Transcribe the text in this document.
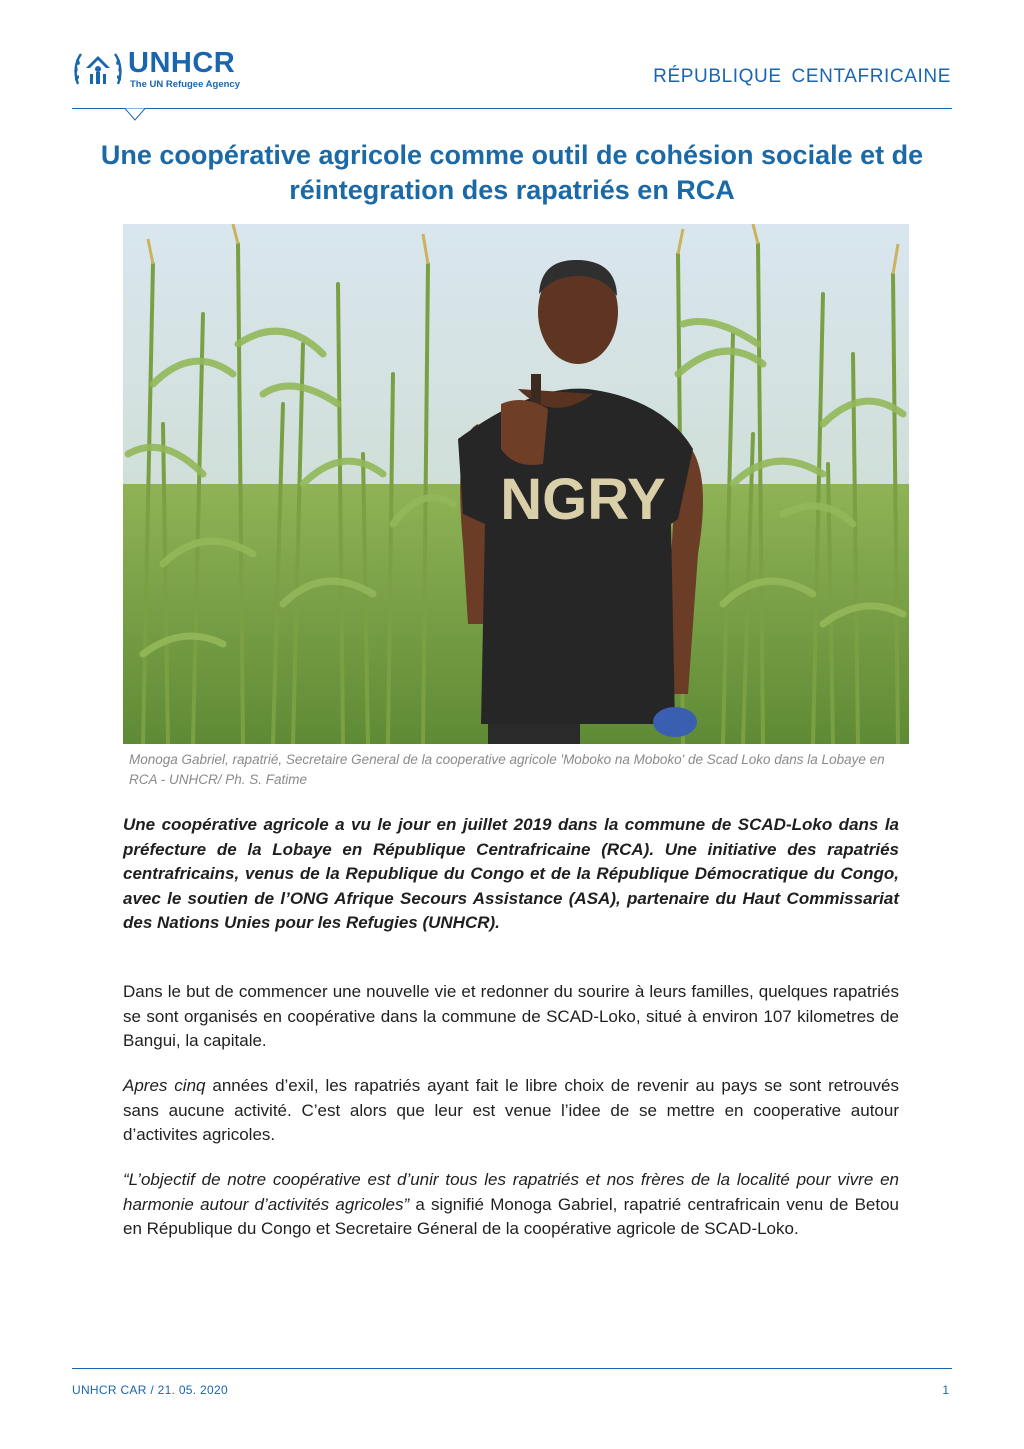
UNHCR
The UN Refugee Agency	RÉPUBLIQUE CENTAFRICAINE
Une coopérative agricole comme outil de cohésion sociale et de réintegration des rapatriés en RCA
NGRY
Monoga Gabriel, rapatrié, Secretaire General de la cooperative agricole 'Moboko na Moboko' de Scad Loko dans la Lobaye en RCA - UNHCR/ Ph. S. Fatime

Une coopérative agricole a vu le jour en juillet 2019 dans la commune de SCAD-Loko dans la préfecture de la Lobaye en République Centrafricaine (RCA). Une initiative des rapatriés centrafricains, venus de la Republique du Congo et de la République Démocratique du Congo, avec le soutien de l’ONG Afrique Secours Assistance (ASA), partenaire du Haut Commissariat des Nations Unies pour les Refugies (UNHCR).

Dans le but de commencer une nouvelle vie et redonner du sourire à leurs familles, quelques rapatriés se sont organisés en coopérative dans la commune de SCAD-Loko, situé à environ 107 kilometres de Bangui, la capitale.

Apres cinq années d’exil, les rapatriés ayant fait le libre choix de revenir au pays se sont retrouvés sans aucune activité. C’est alors que leur est venue l’idee de se mettre en cooperative autour d’activites agricoles.

“L’objectif de notre coopérative est d’unir tous les rapatriés et nos frères de la localité pour vivre en harmonie autour d’activités agricoles” a signifié Monoga Gabriel, rapatrié centrafricain venu de Betou en République du Congo et Secretaire Géneral de la coopérative agricole de SCAD-Loko.

UNHCR CAR / 21. 05. 2020	1
